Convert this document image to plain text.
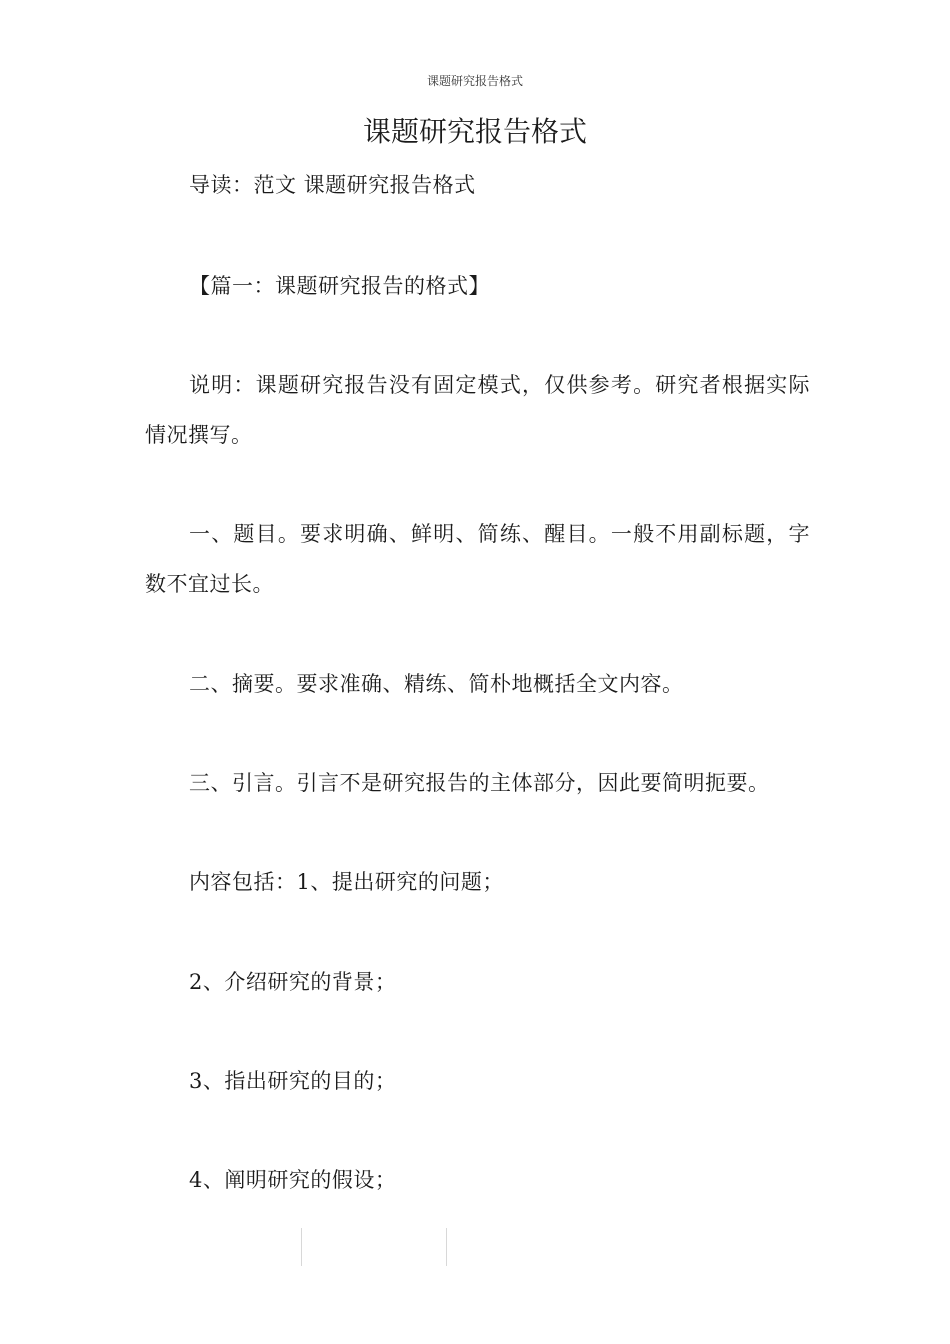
课题研究报告格式
课题研究报告格式

导读：范文 课题研究报告格式

【篇一：课题研究报告的格式】

说明：课题研究报告没有固定模式，仅供参考。研究者根据实际情况撰写。

一、题目。要求明确、鲜明、简练、醒目。一般不用副标题，字数不宜过长。

二、摘要。要求准确、精练、简朴地概括全文内容。

三、引言。引言不是研究报告的主体部分，因此要简明扼要。

内容包括：1、提出研究的问题；

2、介绍研究的背景；

3、指出研究的目的；

4、阐明研究的假设；
